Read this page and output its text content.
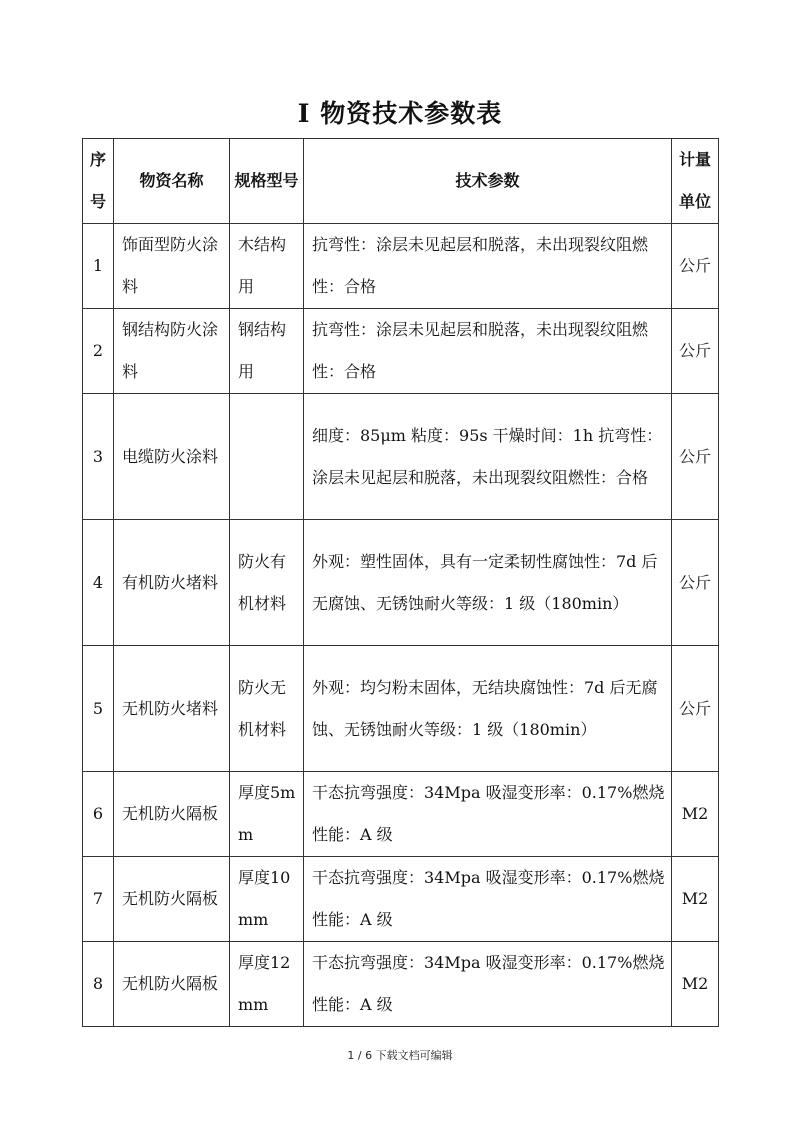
I 物资技术参数表
序号	物资名称	规格型号	技术参数	计量单位
1	饰面型防火涂料	木结构用	抗弯性：涂层未见起层和脱落，未出现裂纹阻燃性：合格	公斤
2	钢结构防火涂料	钢结构用	抗弯性：涂层未见起层和脱落，未出现裂纹阻燃性：合格	公斤
3	电缆防火涂料		细度：85μm 粘度：95s 干燥时间：1h 抗弯性：涂层未见起层和脱落，未出现裂纹阻燃性：合格	公斤
4	有机防火堵料	防火有机材料	外观：塑性固体，具有一定柔韧性腐蚀性：7d 后无腐蚀、无锈蚀耐火等级：1 级（180min）	公斤
5	无机防火堵料	防火无机材料	外观：均匀粉末固体，无结块腐蚀性：7d 后无腐蚀、无锈蚀耐火等级：1 级（180min）	公斤
6	无机防火隔板	厚度5mm	干态抗弯强度：34Mpa 吸湿变形率：0.17%燃烧性能：A 级	M2
7	无机防火隔板	厚度10mm	干态抗弯强度：34Mpa 吸湿变形率：0.17%燃烧性能：A 级	M2
8	无机防火隔板	厚度12mm	干态抗弯强度：34Mpa 吸湿变形率：0.17%燃烧性能：A 级	M2
1 / 6 下载文档可编辑
